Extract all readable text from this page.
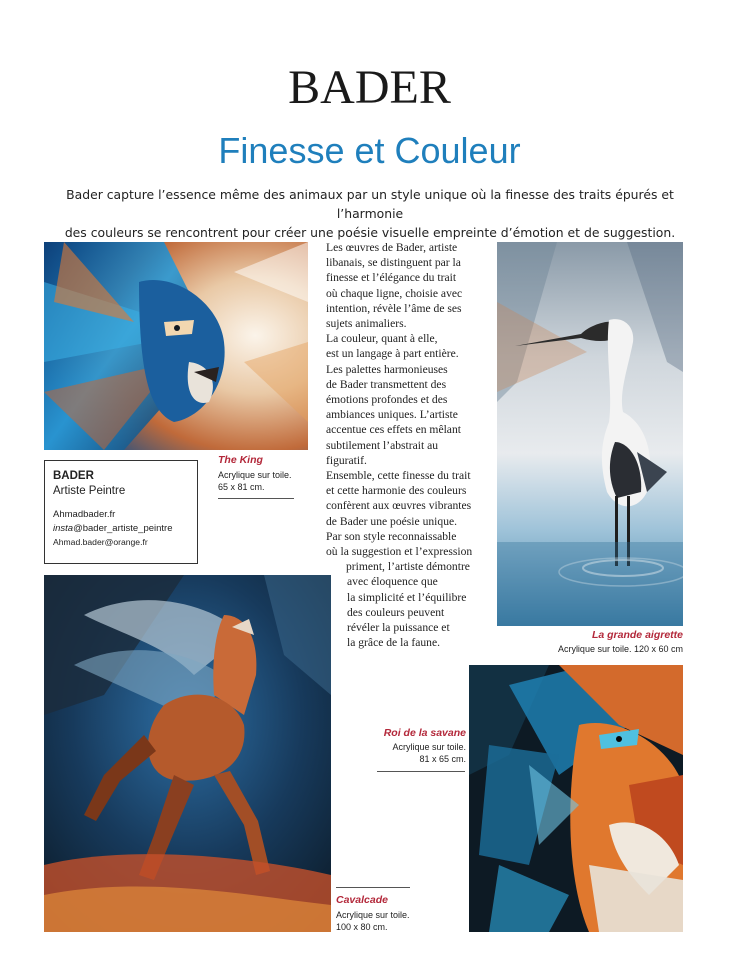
BADER
Finesse et Couleur
Bader capture l’essence même des animaux par un style unique où la finesse des traits épurés et l’harmonie
des couleurs se rencontrent pour créer une poésie visuelle empreinte d’émotion et de suggestion.
The King
Acrylique sur toile.
65 x 81 cm.
BADER
Artiste Peintre
Ahmadbader.fr
insta@bader_artiste_peintre
Ahmad.bader@orange.fr
Les œuvres de Bader, artiste
libanais, se distinguent par la
finesse et l’élégance du trait
où chaque ligne, choisie avec
intention, révèle l’âme de ses
sujets animaliers.
La couleur, quant à elle,
est un langage à part entière.
Les palettes harmonieuses
de Bader transmettent des
émotions profondes et des
ambiances uniques. L’artiste
accentue ces effets en mêlant
subtilement l’abstrait au
figuratif.
Ensemble, cette finesse du trait
et cette harmonie des couleurs
confèrent aux œuvres vibrantes
de Bader une poésie unique.
Par son style reconnaissable
où la suggestion et l’expression
priment, l’artiste démontre
avec éloquence que
la simplicité et l’équilibre
des couleurs peuvent
révéler la puissance et
la grâce de la faune.
La grande aigrette
Acrylique sur toile. 120 x 60 cm
Roi de la savane
Acrylique sur toile.
81 x 65 cm.
Cavalcade
Acrylique sur toile.
100 x 80 cm.
